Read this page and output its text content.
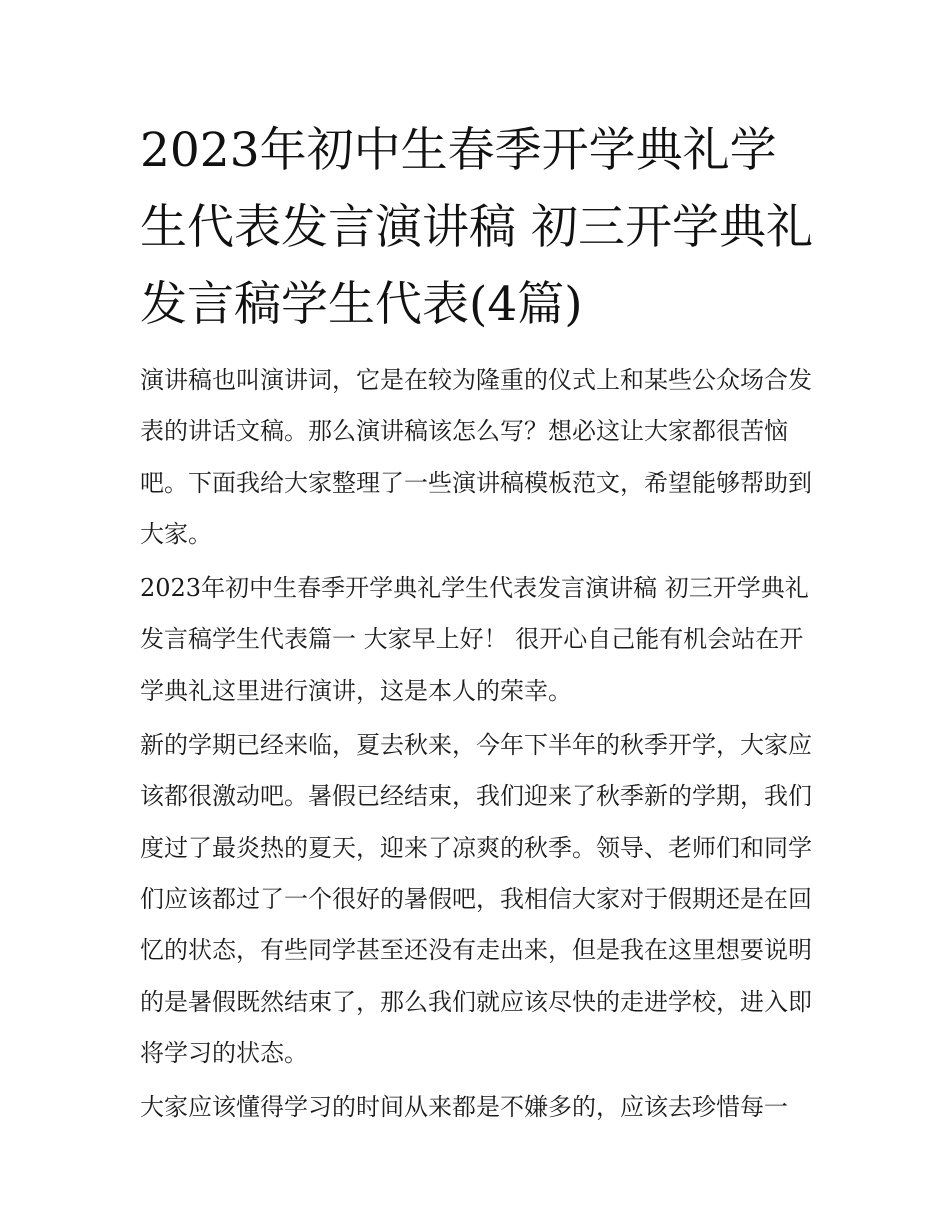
2023年初中生春季开学典礼学生代表发言演讲稿 初三开学典礼发言稿学生代表(4篇)

演讲稿也叫演讲词，它是在较为隆重的仪式上和某些公众场合发表的讲话文稿。那么演讲稿该怎么写？想必这让大家都很苦恼吧。下面我给大家整理了一些演讲稿模板范文，希望能够帮助到大家。

2023年初中生春季开学典礼学生代表发言演讲稿 初三开学典礼发言稿学生代表篇一 大家早上好！ 很开心自己能有机会站在开学典礼这里进行演讲，这是本人的荣幸。

新的学期已经来临，夏去秋来，今年下半年的秋季开学，大家应该都很激动吧。暑假已经结束，我们迎来了秋季新的学期，我们度过了最炎热的夏天，迎来了凉爽的秋季。领导、老师们和同学们应该都过了一个很好的暑假吧，我相信大家对于假期还是在回忆的状态，有些同学甚至还没有走出来，但是我在这里想要说明的是暑假既然结束了，那么我们就应该尽快的走进学校，进入即将学习的状态。

大家应该懂得学习的时间从来都是不嫌多的，应该去珍惜每一
